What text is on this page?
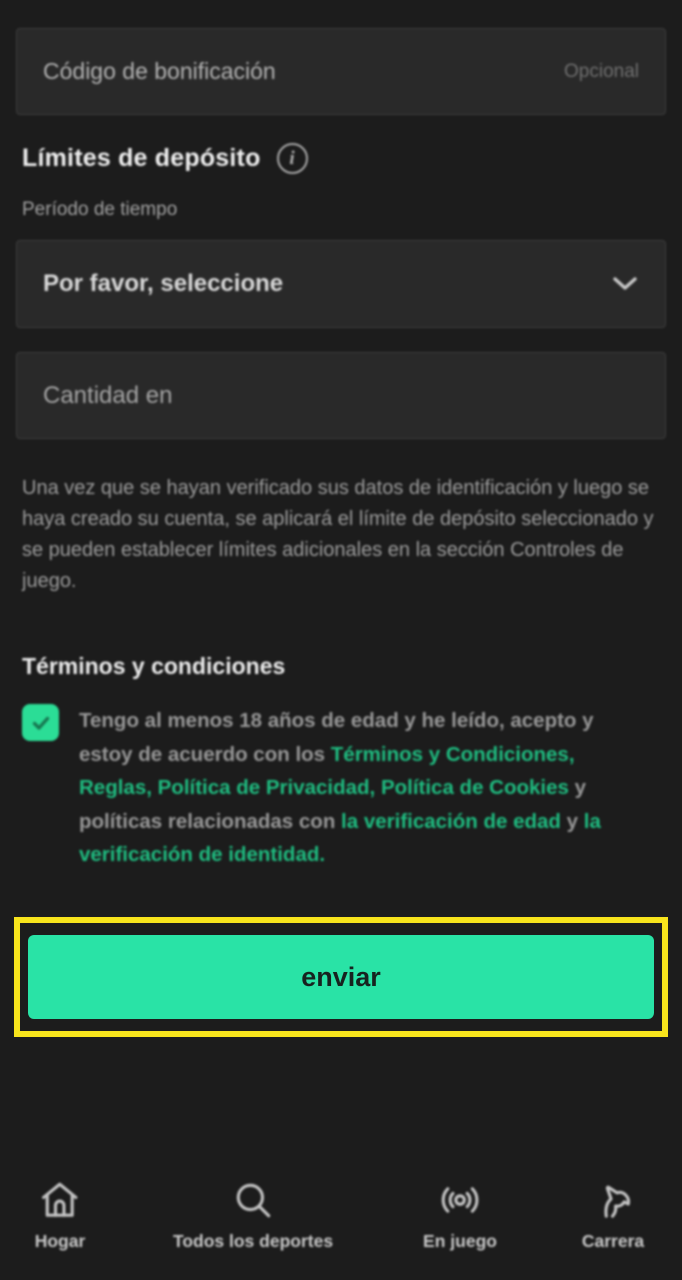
Código de bonificación
Opcional
Límites de depósito	i
Período de tiempo
Por favor, seleccione
Cantidad en

Una vez que se hayan verificado sus datos de identificación y luego se haya creado su cuenta, se aplicará el límite de depósito seleccionado y se pueden establecer límites adicionales en la sección Controles de juego.

Términos y condiciones
Tengo al menos 18 años de edad y he leído, acepto y estoy de acuerdo con los Términos y Condiciones, Reglas, Política de Privacidad, Política de Cookies y políticas relacionadas con la verificación de edad y la verificación de identidad.
Hogar	Todos los deportes	En juego	Carrera
enviar
